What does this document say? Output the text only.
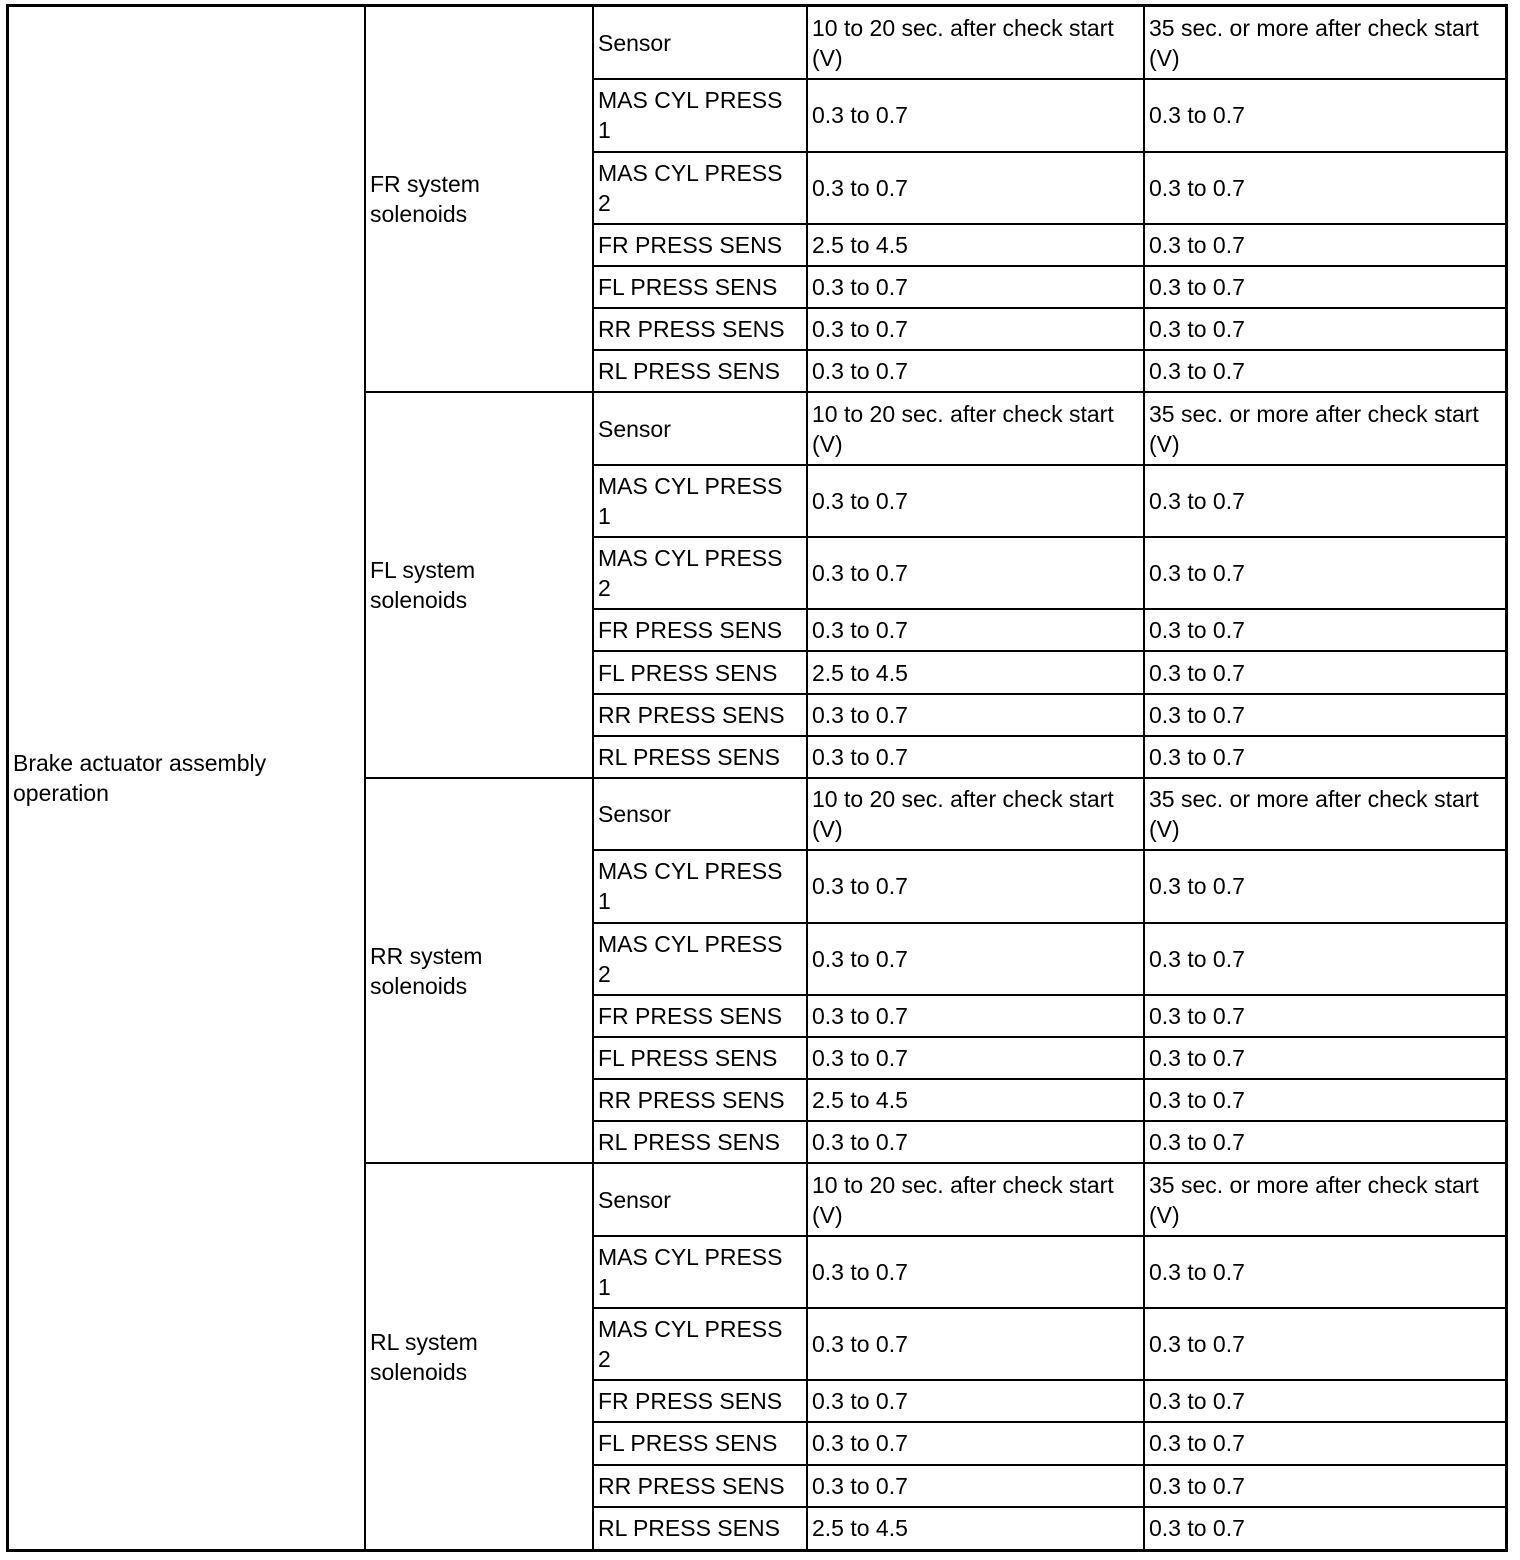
Brake actuator assembly operation	FR system solenoids	Sensor	10 to 20 sec. after check start (V)	35 sec. or more after check start (V)
		MAS CYL PRESS 1	0.3 to 0.7	0.3 to 0.7
		MAS CYL PRESS 2	0.3 to 0.7	0.3 to 0.7
		FR PRESS SENS	2.5 to 4.5	0.3 to 0.7
		FL PRESS SENS	0.3 to 0.7	0.3 to 0.7
		RR PRESS SENS	0.3 to 0.7	0.3 to 0.7
		RL PRESS SENS	0.3 to 0.7	0.3 to 0.7
	FL system solenoids	Sensor	10 to 20 sec. after check start (V)	35 sec. or more after check start (V)
		MAS CYL PRESS 1	0.3 to 0.7	0.3 to 0.7
		MAS CYL PRESS 2	0.3 to 0.7	0.3 to 0.7
		FR PRESS SENS	0.3 to 0.7	0.3 to 0.7
		FL PRESS SENS	2.5 to 4.5	0.3 to 0.7
		RR PRESS SENS	0.3 to 0.7	0.3 to 0.7
		RL PRESS SENS	0.3 to 0.7	0.3 to 0.7
	RR system solenoids	Sensor	10 to 20 sec. after check start (V)	35 sec. or more after check start (V)
		MAS CYL PRESS 1	0.3 to 0.7	0.3 to 0.7
		MAS CYL PRESS 2	0.3 to 0.7	0.3 to 0.7
		FR PRESS SENS	0.3 to 0.7	0.3 to 0.7
		FL PRESS SENS	0.3 to 0.7	0.3 to 0.7
		RR PRESS SENS	2.5 to 4.5	0.3 to 0.7
		RL PRESS SENS	0.3 to 0.7	0.3 to 0.7
	RL system solenoids	Sensor	10 to 20 sec. after check start (V)	35 sec. or more after check start (V)
		MAS CYL PRESS 1	0.3 to 0.7	0.3 to 0.7
		MAS CYL PRESS 2	0.3 to 0.7	0.3 to 0.7
		FR PRESS SENS	0.3 to 0.7	0.3 to 0.7
		FL PRESS SENS	0.3 to 0.7	0.3 to 0.7
		RR PRESS SENS	0.3 to 0.7	0.3 to 0.7
		RL PRESS SENS	2.5 to 4.5	0.3 to 0.7
